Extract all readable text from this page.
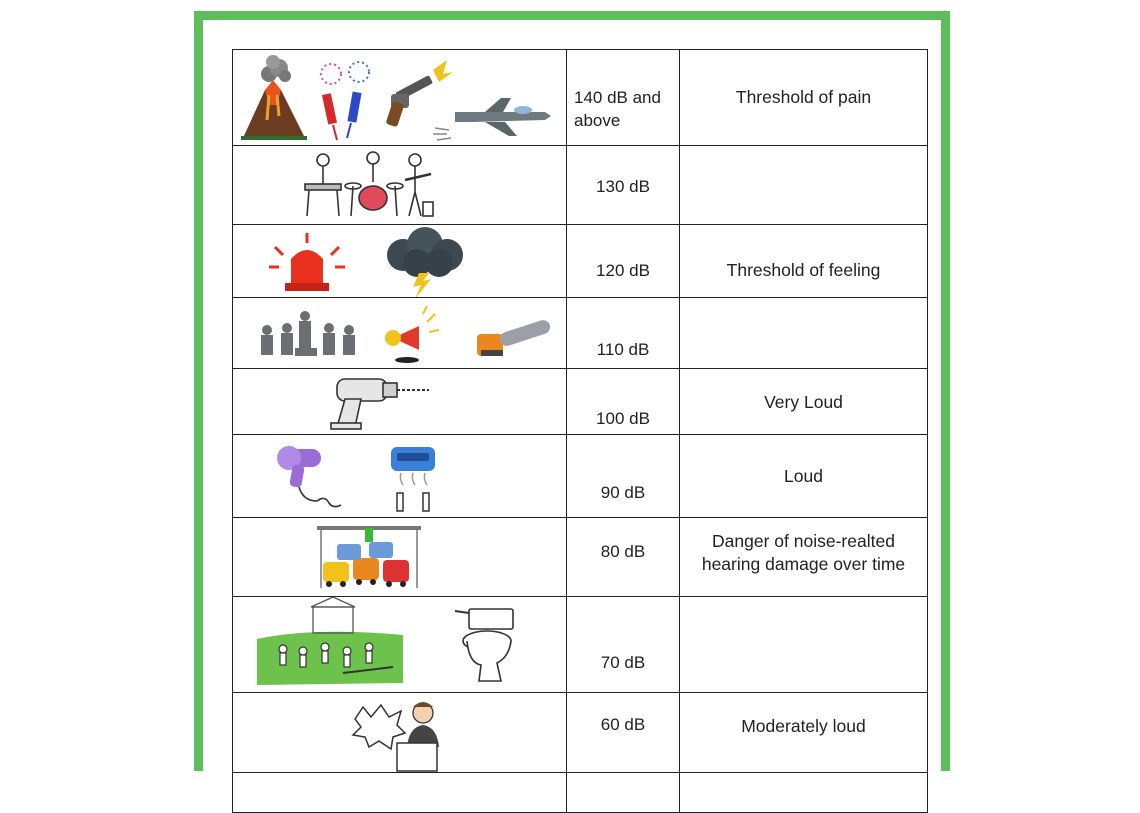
140 dB and
above	Threshold of pain

130 dB	

120 dB	Threshold of feeling

110 dB	

100 dB	Very Loud

90 dB	Loud

80 dB	Danger of noise-realted
hearing damage over time

70 dB	

60 dB	Moderately loud
